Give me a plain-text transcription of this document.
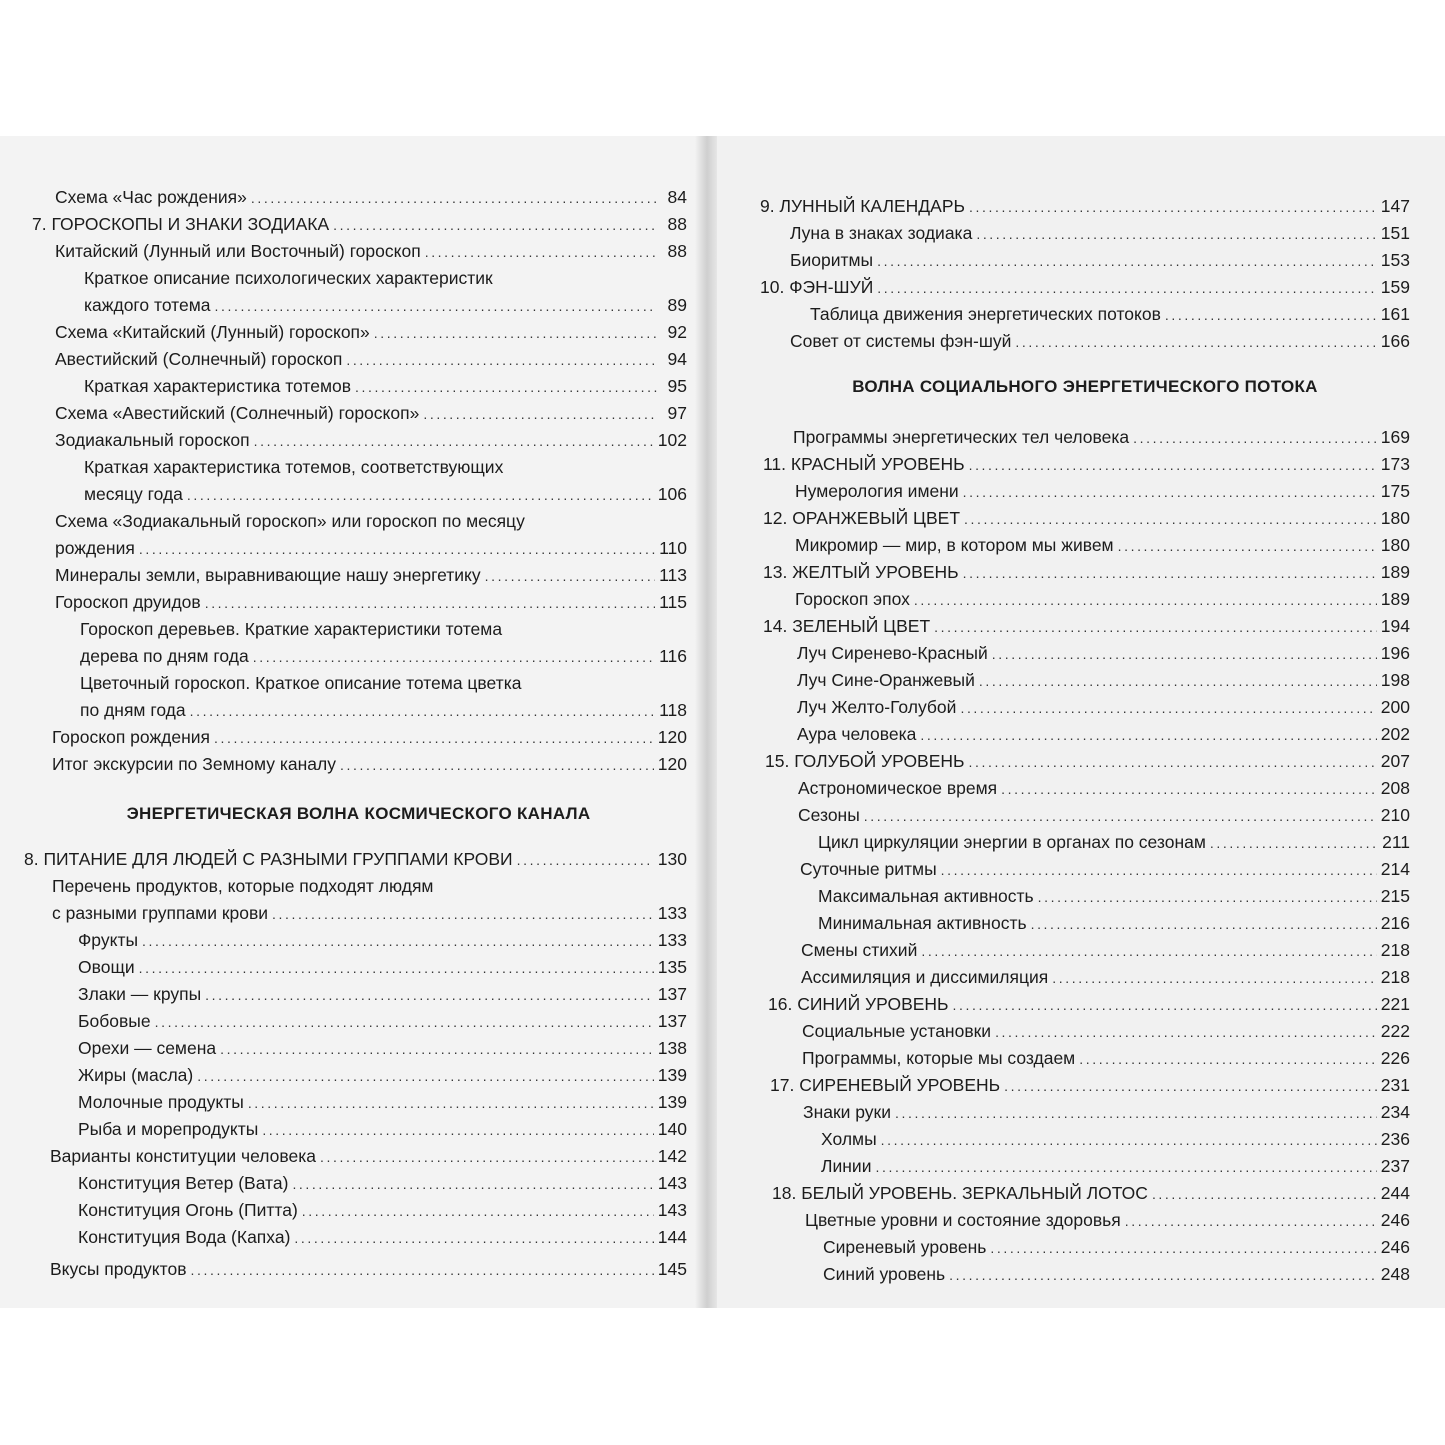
Схема «Час рождения» .....	84
7. ГОРОСКОПЫ И ЗНАКИ ЗОДИАКА .....	88
Китайский (Лунный или Восточный) гороскоп .....	88
Краткое описание психологических характеристик
каждого тотема .....	89
Схема «Китайский (Лунный) гороскоп» .....	92
Авестийский (Солнечный) гороскоп .....	94
Краткая характеристика тотемов .....	95
Схема «Авестийский (Солнечный) гороскоп» .....	97
Зодиакальный гороскоп .....	102
Краткая характеристика тотемов, соответствующих
месяцу года .....	106
Схема «Зодиакальный гороскоп» или гороскоп по месяцу
рождения .....	110
Минералы земли, выравнивающие нашу энергетику .....	113
Гороскоп друидов .....	115
Гороскоп деревьев. Краткие характеристики тотема
дерева по дням года .....	116
Цветочный гороскоп. Краткое описание тотема цветка
по дням года .....	118
Гороскоп рождения .....	120
Итог экскурсии по Земному каналу .....	120
ЭНЕРГЕТИЧЕСКАЯ ВОЛНА КОСМИЧЕСКОГО КАНАЛА
8. ПИТАНИЕ ДЛЯ ЛЮДЕЙ С РАЗНЫМИ ГРУППАМИ КРОВИ .....	130
Перечень продуктов, которые подходят людям
с разными группами крови .....	133
Фрукты .....	133
Овощи .....	135
Злаки — крупы .....	137
Бобовые .....	137
Орехи — семена .....	138
Жиры (масла) .....	139
Молочные продукты .....	139
Рыба и морепродукты .....	140
Варианты конституции человека .....	142
Конституция Ветер (Вата) .....	143
Конституция Огонь (Питта) .....	143
Конституция Вода (Капха) .....	144
Вкусы продуктов .....	145
9. ЛУННЫЙ КАЛЕНДАРЬ .....	147
Луна в знаках зодиака .....	151
Биоритмы .....	153
10. ФЭН-ШУЙ .....	159
Таблица движения энергетических потоков .....	161
Совет от системы фэн-шуй .....	166
ВОЛНА СОЦИАЛЬНОГО ЭНЕРГЕТИЧЕСКОГО ПОТОКА
Программы энергетических тел человека .....	169
11. КРАСНЫЙ УРОВЕНЬ .....	173
Нумерология имени .....	175
12. ОРАНЖЕВЫЙ ЦВЕТ .....	180
Микромир — мир, в котором мы живем .....	180
13. ЖЕЛТЫЙ УРОВЕНЬ .....	189
Гороскоп эпох .....	189
14. ЗЕЛЕНЫЙ ЦВЕТ .....	194
Луч Сиренево-Красный .....	196
Луч Сине-Оранжевый .....	198
Луч Желто-Голубой .....	200
Аура человека .....	202
15. ГОЛУБОЙ УРОВЕНЬ .....	207
Астрономическое время .....	208
Сезоны .....	210
Цикл циркуляции энергии в органах по сезонам .....	211
Суточные ритмы .....	214
Максимальная активность .....	215
Минимальная активность .....	216
Смены стихий .....	218
Ассимиляция и диссимиляция .....	218
16. СИНИЙ УРОВЕНЬ .....	221
Социальные установки .....	222
Программы, которые мы создаем .....	226
17. СИРЕНЕВЫЙ УРОВЕНЬ .....	231
Знаки руки .....	234
Холмы .....	236
Линии .....	237
18. БЕЛЫЙ УРОВЕНЬ. ЗЕРКАЛЬНЫЙ ЛОТОС .....	244
Цветные уровни и состояние здоровья .....	246
Сиреневый уровень .....	246
Синий уровень .....	248
